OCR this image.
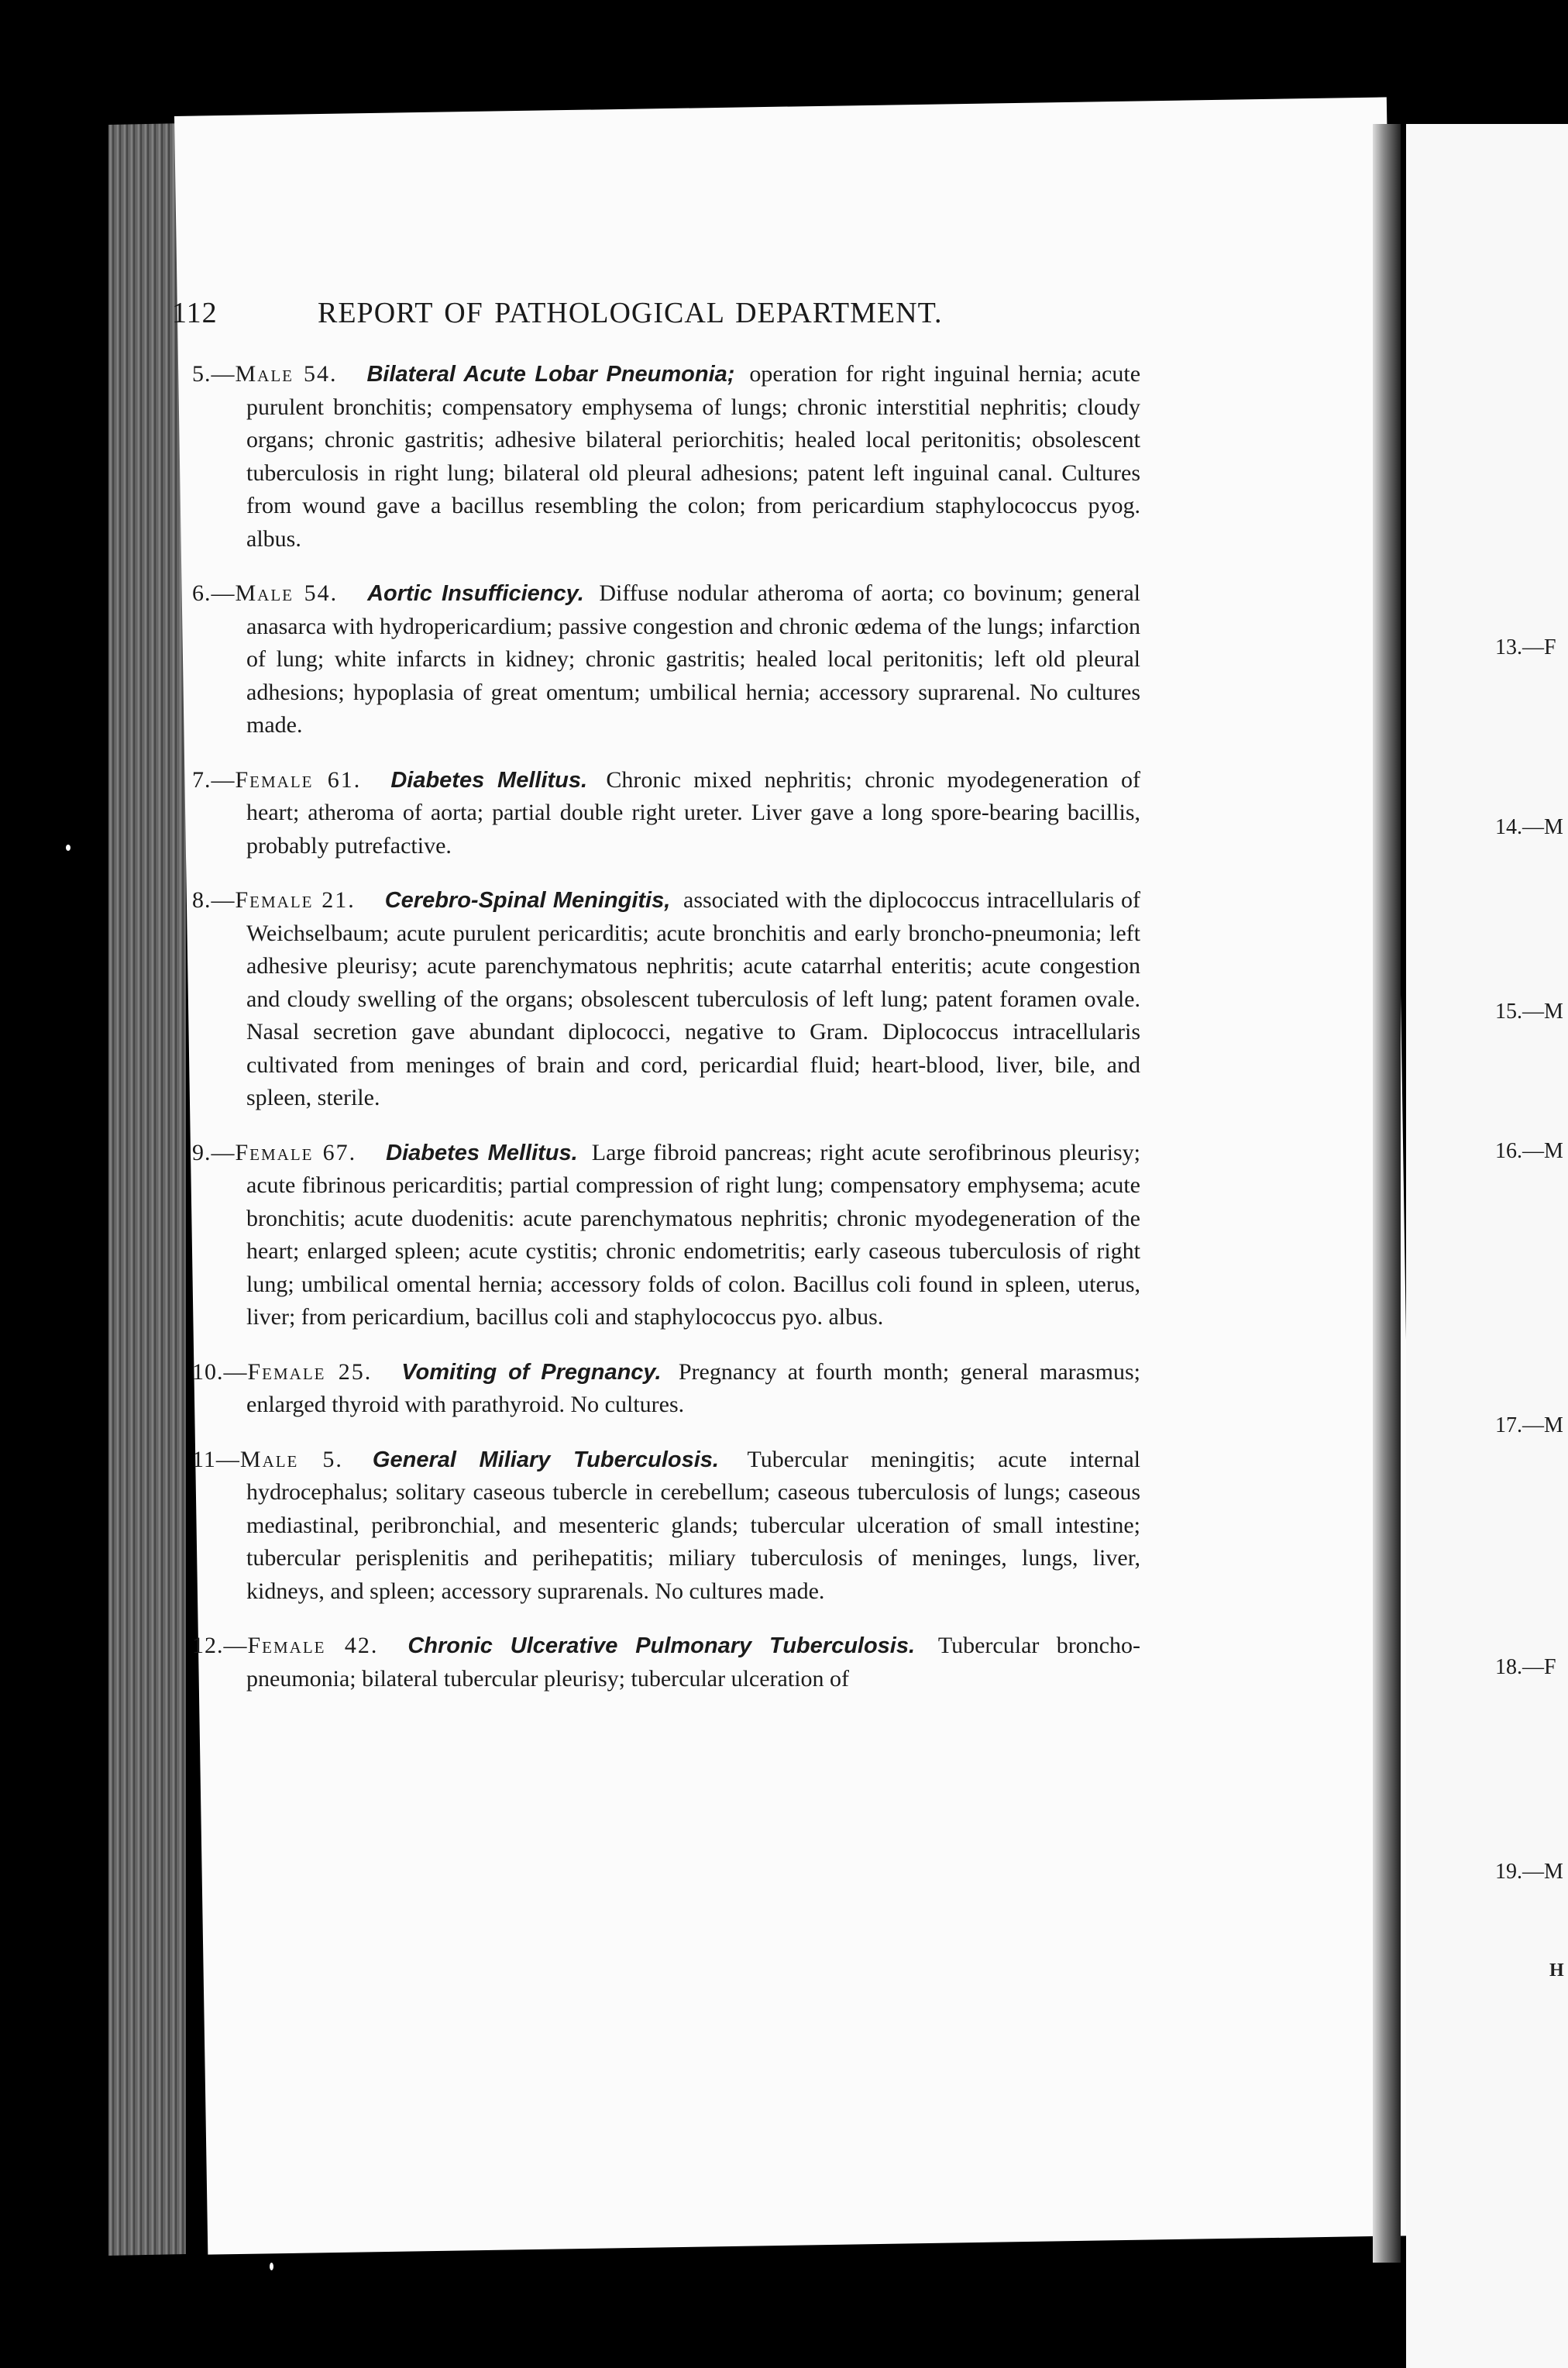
112	REPORT OF PATHOLOGICAL DEPARTMENT.

5.—Male 54. Bilateral Acute Lobar Pneumonia; operation for right inguinal hernia; acute purulent bronchitis; compensatory emphysema of lungs; chronic interstitial nephritis; cloudy organs; chronic gastritis; adhesive bilateral periorchitis; healed local peritonitis; obsolescent tuberculosis in right lung; bilateral old pleural adhesions; patent left inguinal canal. Cultures from wound gave a bacillus resembling the colon; from pericardium staphylococcus pyog. albus.

6.—Male 54. Aortic Insufficiency. Diffuse nodular atheroma of aorta; co bovinum; general anasarca with hydropericardium; passive congestion and chronic œdema of the lungs; infarction of lung; white infarcts in kidney; chronic gastritis; healed local peritonitis; left old pleural adhesions; hypoplasia of great omentum; umbilical hernia; accessory suprarenal. No cultures made.

7.—Female 61. Diabetes Mellitus. Chronic mixed nephritis; chronic myodegeneration of heart; atheroma of aorta; partial double right ureter. Liver gave a long spore-bearing bacillis, probably putrefactive.

8.—Female 21. Cerebro-Spinal Meningitis, associated with the diplococcus intracellularis of Weichselbaum; acute purulent pericarditis; acute bronchitis and early broncho-pneumonia; left adhesive pleurisy; acute parenchymatous nephritis; acute catarrhal enteritis; acute congestion and cloudy swelling of the organs; obsolescent tuberculosis of left lung; patent foramen ovale. Nasal secretion gave abundant diplococci, negative to Gram. Diplococcus intracellularis cultivated from meninges of brain and cord, pericardial fluid; heart-blood, liver, bile, and spleen, sterile.

9.—Female 67. Diabetes Mellitus. Large fibroid pancreas; right acute serofibrinous pleurisy; acute fibrinous pericarditis; partial compression of right lung; compensatory emphysema; acute bronchitis; acute duodenitis: acute parenchymatous nephritis; chronic myodegeneration of the heart; enlarged spleen; acute cystitis; chronic endometritis; early caseous tuberculosis of right lung; umbilical omental hernia; accessory folds of colon. Bacillus coli found in spleen, uterus, liver; from pericardium, bacillus coli and staphylococcus pyo. albus.

10.—Female 25. Vomiting of Pregnancy. Pregnancy at fourth month; general marasmus; enlarged thyroid with parathyroid. No cultures.

11—Male 5. General Miliary Tuberculosis. Tubercular meningitis; acute internal hydrocephalus; solitary caseous tubercle in cerebellum; caseous tuberculosis of lungs; caseous mediastinal, peribronchial, and mesenteric glands; tubercular ulceration of small intestine; tubercular perisplenitis and perihepatitis; miliary tuberculosis of meninges, lungs, liver, kidneys, and spleen; accessory suprarenals. No cultures made.

12.—Female 42. Chronic Ulcerative Pulmonary Tuberculosis. Tubercular broncho-pneumonia; bilateral tubercular pleurisy; tubercular ulceration of

13.—F
14.—M
15.—M
16.—M
17.—M
18.—F
19.—M
H
